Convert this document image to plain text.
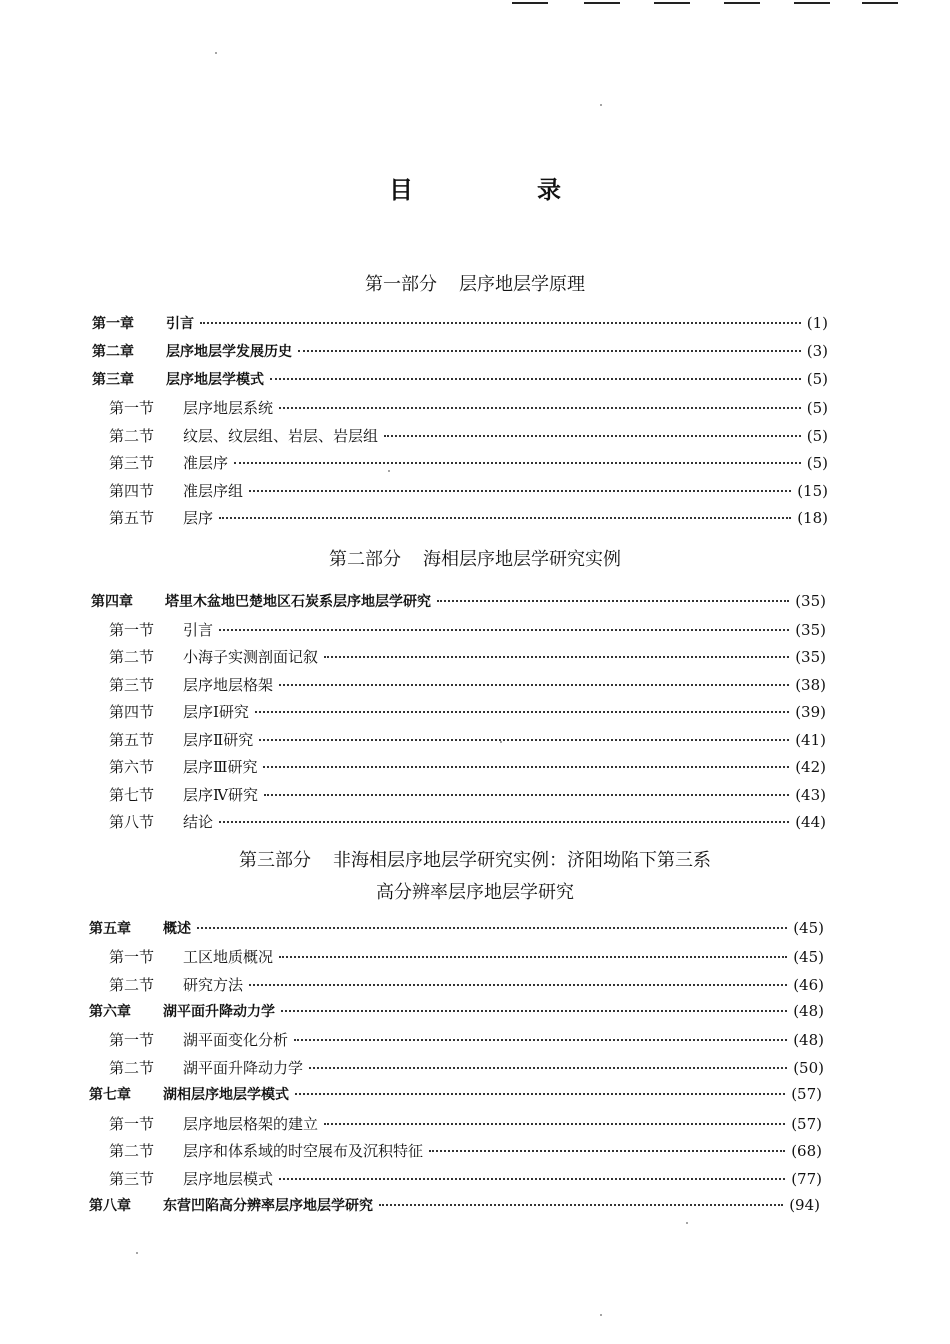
目　录
第一部分 层序地层学原理
第二部分 海相层序地层学研究实例
第三部分 非海相层序地层学研究实例：济阳坳陷下第三系
高分辨率层序地层学研究
第一章 引言	(1)
第二章 层序地层学发展历史	(3)
第三章 层序地层学模式	(5)
第一节 层序地层系统	(5)
第二节 纹层、纹层组、岩层、岩层组	(5)
第三节 准层序	(5)
第四节 准层序组	(15)
第五节 层序	(18)
第四章 塔里木盆地巴楚地区石炭系层序地层学研究	(35)
第一节 引言	(35)
第二节 小海子实测剖面记叙	(35)
第三节 层序地层格架	(38)
第四节 层序Ⅰ研究	(39)
第五节 层序Ⅱ研究	(41)
第六节 层序Ⅲ研究	(42)
第七节 层序Ⅳ研究	(43)
第八节 结论	(44)
第五章 概述	(45)
第一节 工区地质概况	(45)
第二节 研究方法	(46)
第六章 湖平面升降动力学	(48)
第一节 湖平面变化分析	(48)
第二节 湖平面升降动力学	(50)
第七章 湖相层序地层学模式	(57)
第一节 层序地层格架的建立	(57)
第二节 层序和体系域的时空展布及沉积特征	(68)
第三节 层序地层模式	(77)
第八章 东营凹陷高分辨率层序地层学研究	(94)
